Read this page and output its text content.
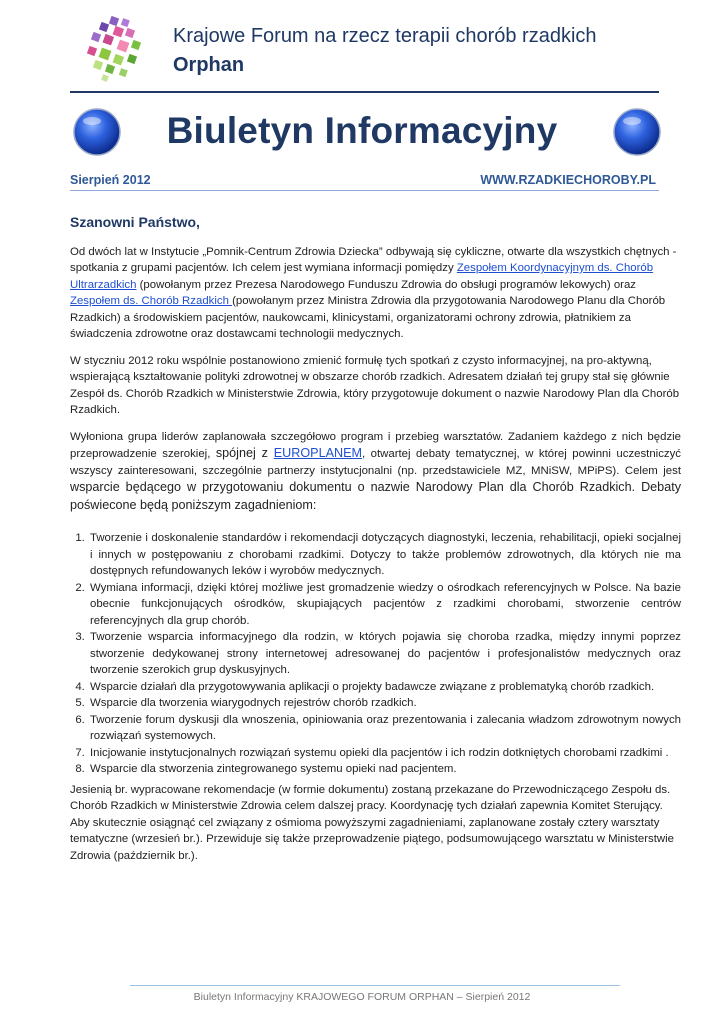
Krajowe Forum na rzecz terapii chorób rzadkich
Orphan
Biuletyn Informacyjny
Sierpień 2012	WWW.RZADKIECHOROBY.PL
Szanowni Państwo,

Od dwóch lat w Instytucie „Pomnik-Centrum Zdrowia Dziecka” odbywają się cykliczne, otwarte dla wszystkich chętnych - spotkania z grupami pacjentów. Ich celem jest wymiana informacji pomiędzy Zespołem Koordynacyjnym ds. Chorób Ultrarzadkich (powołanym przez Prezesa Narodowego Funduszu Zdrowia do obsługi programów lekowych) oraz Zespołem ds. Chorób Rzadkich (powołanym przez Ministra Zdrowia dla przygotowania Narodowego Planu dla Chorób Rzadkich) a środowiskiem pacjentów, naukowcami, klinicystami, organizatorami ochrony zdrowia, płatnikiem za świadczenia zdrowotne oraz dostawcami technologii medycznych.

W styczniu 2012 roku wspólnie postanowiono zmienić formułę tych spotkań z czysto informacyjnej, na pro-aktywną, wspierającą kształtowanie polityki zdrowotnej w obszarze chorób rzadkich. Adresatem działań tej grupy stał się głównie Zespół ds. Chorób Rzadkich w Ministerstwie Zdrowia, który przygotowuje dokument o nazwie Narodowy Plan dla Chorób Rzadkich.

Wyłoniona grupa liderów zaplanowała szczegółowo program i przebieg warsztatów. Zadaniem każdego z nich będzie przeprowadzenie szerokiej, spójnej z EUROPLANEM, otwartej debaty tematycznej, w której powinni uczestniczyć wszyscy zainteresowani, szczególnie partnerzy instytucjonalni (np. przedstawiciele MZ, MNiSW, MPiPS). Celem jest wsparcie będącego w przygotowaniu dokumentu o nazwie Narodowy Plan dla Chorób Rzadkich. Debaty poświecone będą poniższym zagadnieniom:

1. Tworzenie i doskonalenie standardów i rekomendacji dotyczących diagnostyki, leczenia, rehabilitacji, opieki socjalnej i innych w postępowaniu z chorobami rzadkimi. Dotyczy to także problemów zdrowotnych, dla których nie ma dostępnych refundowanych leków i wyrobów medycznych.
2. Wymiana informacji, dzięki której możliwe jest gromadzenie wiedzy o ośrodkach referencyjnych w Polsce. Na bazie obecnie funkcjonujących ośrodków, skupiających pacjentów z rzadkimi chorobami, stworzenie centrów referencyjnych dla grup chorób.
3. Tworzenie wsparcia informacyjnego dla rodzin, w których pojawia się choroba rzadka, między innymi poprzez stworzenie dedykowanej strony internetowej adresowanej do pacjentów i profesjonalistów medycznych oraz tworzenie szerokich grup dyskusyjnych.
4. Wsparcie działań dla przygotowywania aplikacji o projekty badawcze związane z problematyką chorób rzadkich.
5. Wsparcie dla tworzenia wiarygodnych rejestrów chorób rzadkich.
6. Tworzenie forum dyskusji dla wnoszenia, opiniowania oraz prezentowania i zalecania władzom zdrowotnym nowych rozwiązań systemowych.
7. Inicjowanie instytucjonalnych rozwiązań systemu opieki dla pacjentów i ich rodzin dotkniętych chorobami rzadkimi .
8. Wsparcie dla stworzenia zintegrowanego systemu opieki nad pacjentem.

Jesienią br. wypracowane rekomendacje (w formie dokumentu) zostaną przekazane do Przewodniczącego Zespołu ds. Chorób Rzadkich w Ministerstwie Zdrowia celem dalszej pracy. Koordynację tych działań zapewnia Komitet Sterujący. Aby skutecznie osiągnąć cel związany z ośmioma powyższymi zagadnieniami, zaplanowane zostały cztery warsztaty tematyczne (wrzesień br.). Przewiduje się także przeprowadzenie piątego, podsumowującego warsztatu w Ministerstwie Zdrowia (październik br.).

Biuletyn Informacyjny KRAJOWEGO FORUM ORPHAN – Sierpień 2012
